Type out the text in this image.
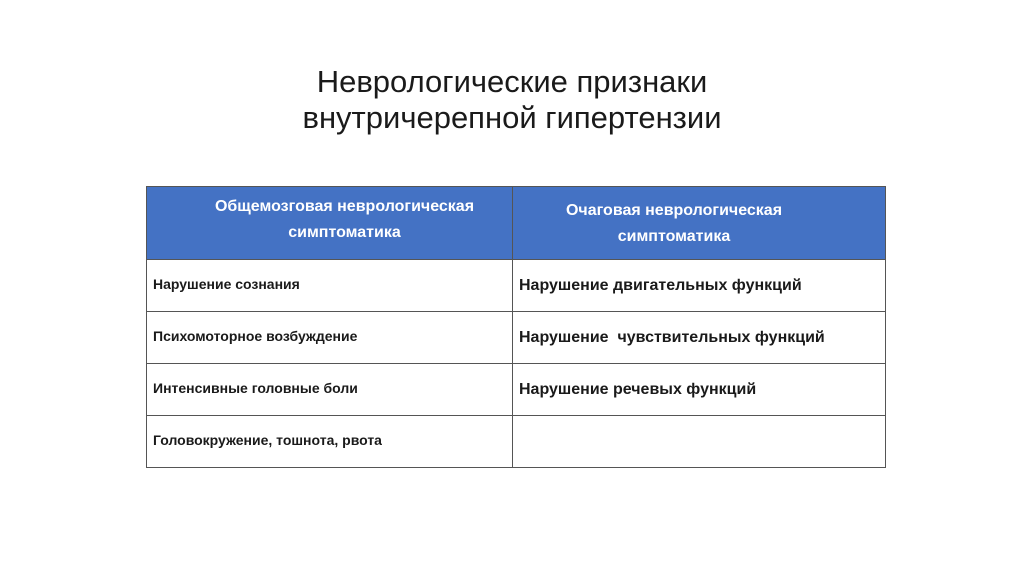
Неврологические признаки
внутричерепной гипертензии
Общемозговая неврологическая симптоматика	Очаговая неврологическая симптоматика

Нарушение сознания	Нарушение двигательных функций
Психомоторное возбуждение	Нарушение  чувствительных функций
Интенсивные головные боли	Нарушение речевых функций
Головокружение, тошнота, рвота	
